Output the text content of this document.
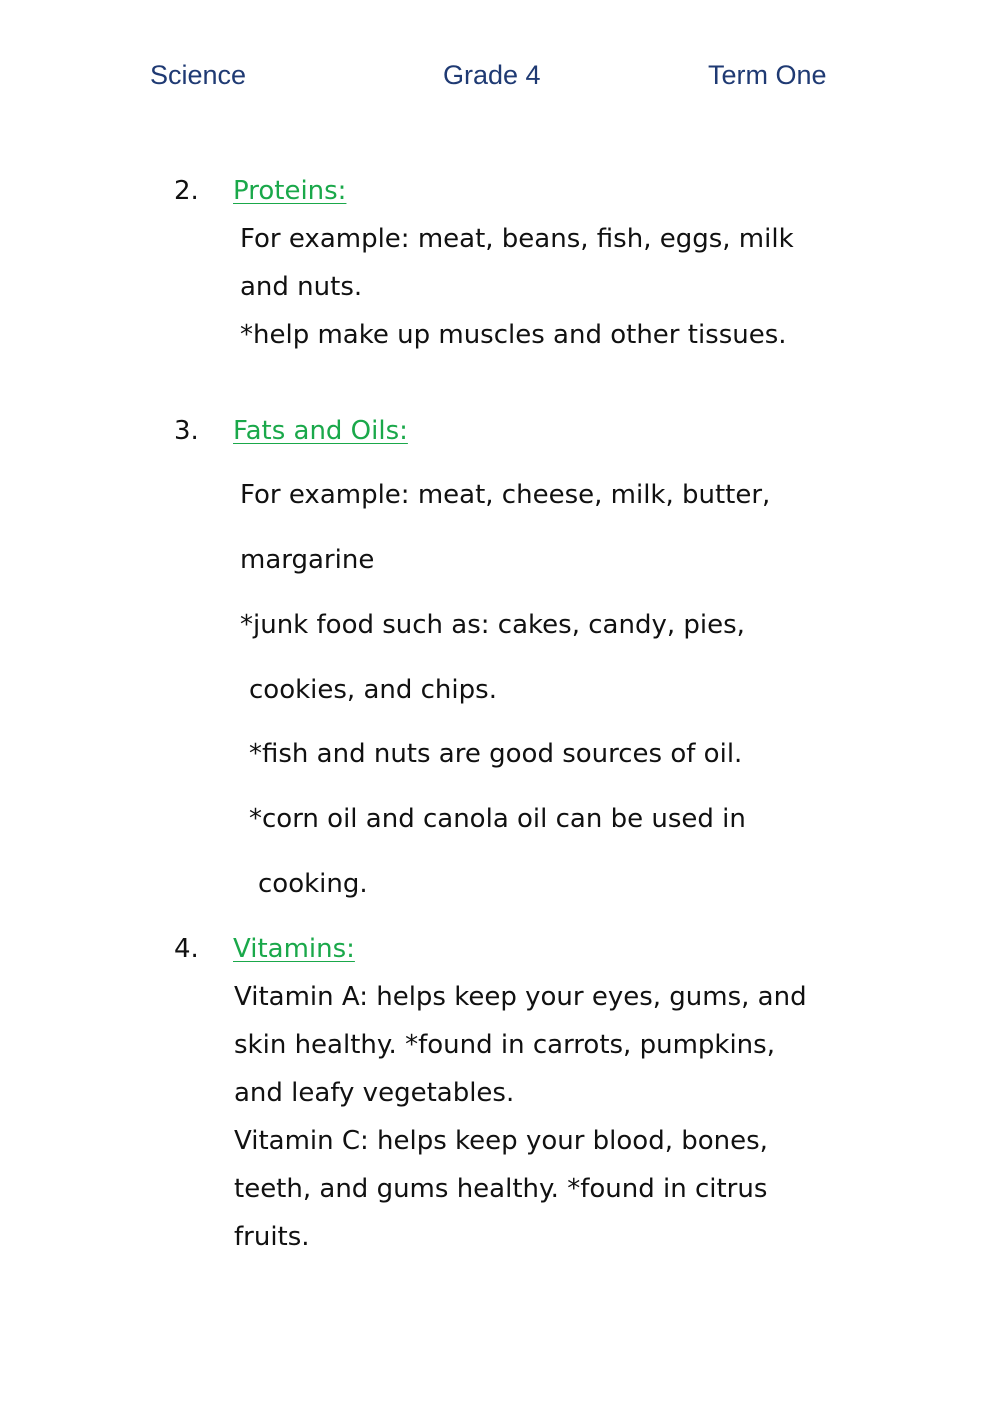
Science	Grade 4	Term One
2. Proteins:
For example: meat, beans, fish, eggs, milk
and nuts.
*help make up muscles and other tissues.
3. Fats and Oils:
For example: meat, cheese, milk, butter,
margarine
*junk food such as: cakes, candy, pies,
cookies, and chips.
*fish and nuts are good sources of oil.
*corn oil and canola oil can be used in
cooking.
4. Vitamins:
Vitamin A: helps keep your eyes, gums, and
skin healthy. *found in carrots, pumpkins,
and leafy vegetables.
Vitamin C: helps keep your blood, bones,
teeth, and gums healthy. *found in citrus
fruits.
